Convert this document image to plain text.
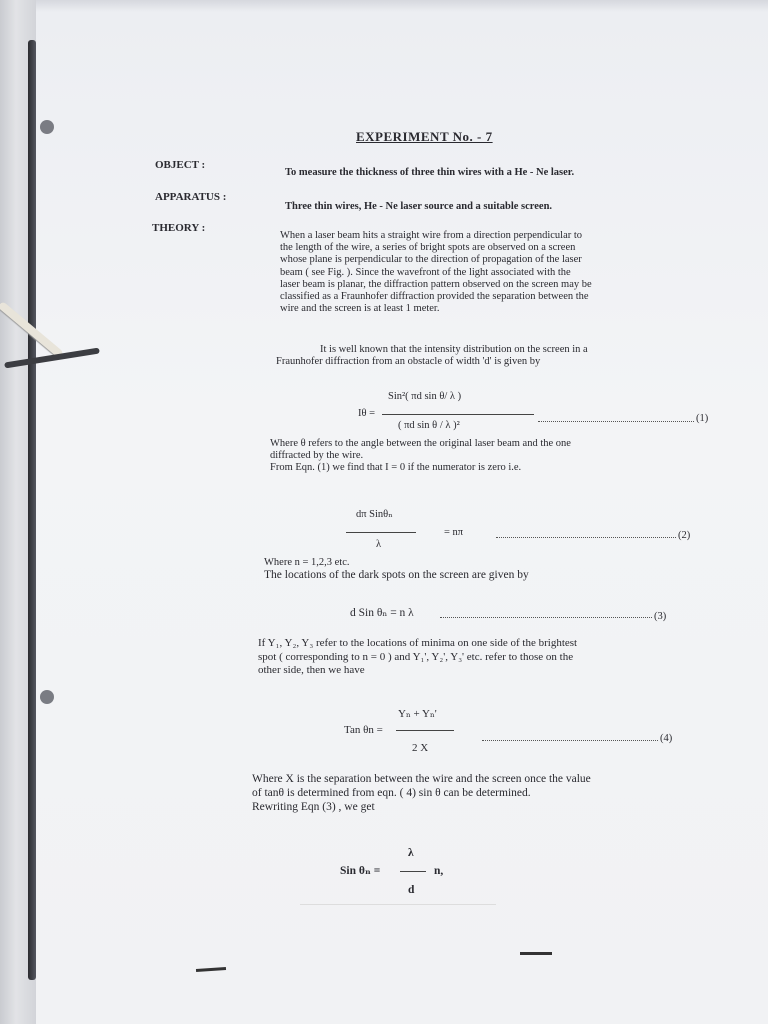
EXPERIMENT No. - 7
OBJECT :
To measure the thickness of three thin wires with a He - Ne laser.
APPARATUS :
Three thin wires, He - Ne laser source and a suitable screen.
THEORY :
When a laser beam hits a straight wire from a direction perpendicular to
the length of the wire, a series of bright spots are observed on a screen
whose plane is perpendicular to the direction of propagation of the laser
beam ( see Fig. ). Since the wavefront of the light associated with the
laser beam is planar, the diffraction pattern observed on the screen may be
classified as a Fraunhofer diffraction provided the separation between the
wire and the screen is at least 1 meter.
It is well known that the intensity distribution on the screen in a
Fraunhofer diffraction from an obstacle of width 'd' is given by
Sin²( πd sin θ/ λ )
Iθ =
( πd sin θ / λ )²
(1)
Where θ refers to the angle between the original laser beam and the one
diffracted by the wire.
From Eqn. (1) we find that I = 0 if the numerator is zero i.e.
dπ Sinθₙ
λ
= nπ	(2)
Where n = 1,2,3 etc.
The locations of the dark spots on the screen are given by
d Sin θₙ = n λ	(3)
If Y₁, Y₂, Y₃ refer to the locations of minima on one side of the brightest
spot ( corresponding to n = 0 ) and Y₁', Y₂', Y₃' etc. refer to those on the
other side, then we have
Yₙ + Yₙ'
Tan θn =
2 X
(4)
Where X is the separation between the wire and the screen once the value
of tanθ is determined from eqn. ( 4) sin θ can be determined.
Rewriting Eqn (3) , we get
λ
Sin θₙ =
d
n,
